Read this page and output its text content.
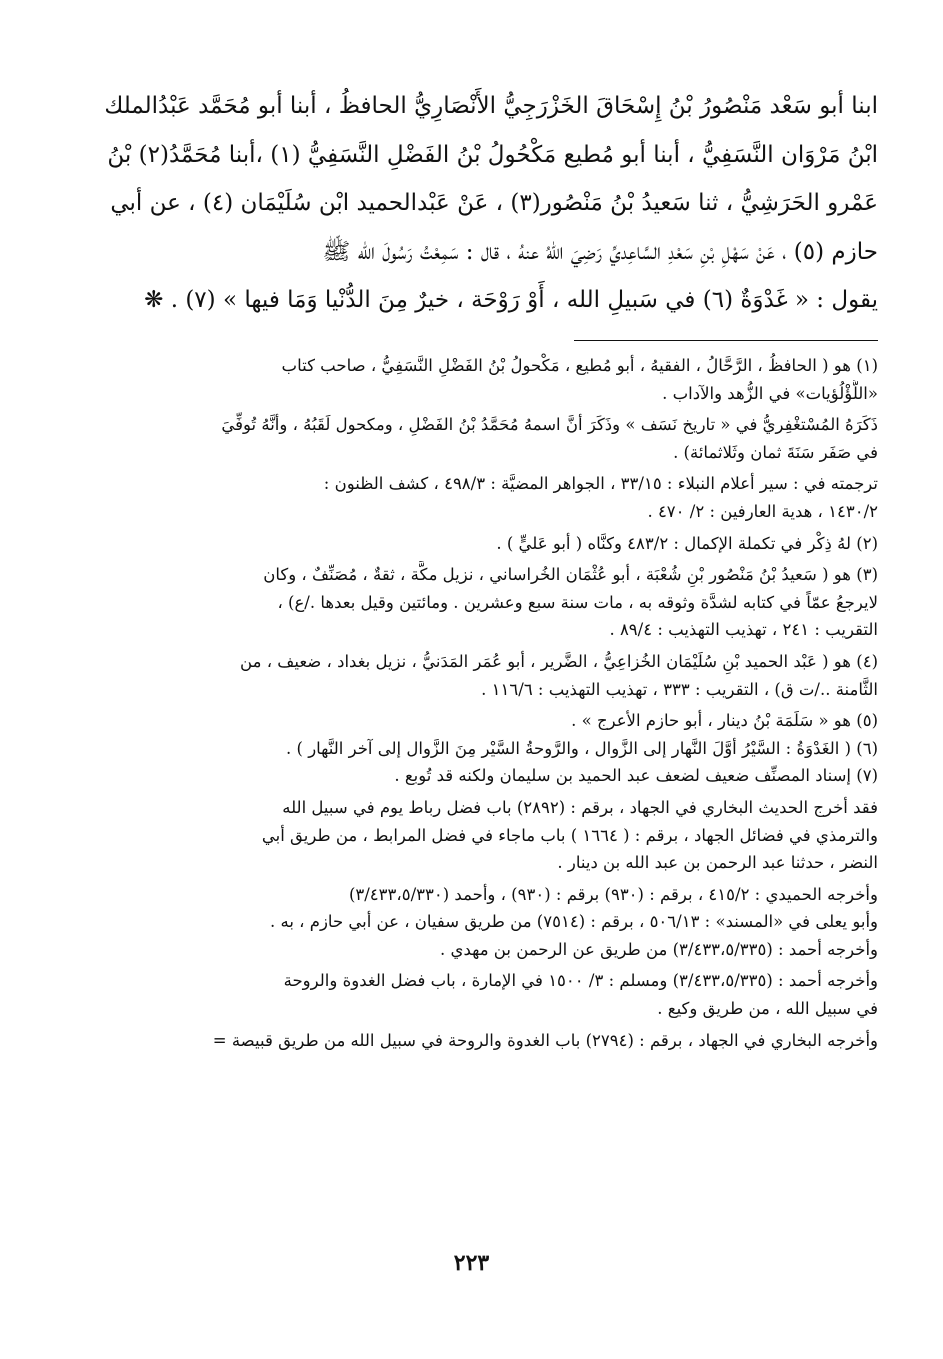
ابنا أبو سَعْد مَنْصُورُ بْنُ إِسْحَاقَ الخَزْرَجِيُّ الأَنْصَارِيُّ الحافظُ ، أبنا أبو مُحَمَّد عَبْدُالملك

ابْنُ مَرْوَان النَّسَفِيُّ ، أبنا أبو مُطيع مَكْحُولُ بْنُ الفَضْلِ النَّسَفِيُّ (١) ،أبنا مُحَمَّدُ(٢) بْنُ

عَمْرو الحَرَشِيُّ ، ثنا سَعيدُ بْنُ مَنْصُور(٣) ، عَنْ عَبْدالحميد ابْن سُلَيْمَان (٤) ، عن أبي

حازم (٥) ، عَنْ سَهْلِ بْنِ سَعْدِ السَّاعِديِّ رَضِيَ اللهُ عنهُ ، قال : سَمِعْتُ رَسُولَ الله ﷺ

يقول : « غَدْوَةٌ (٦) في سَبيلِ الله ، أَوْ رَوْحَة ، خيرٌ مِنَ الدُّنْيا وَمَا فيها » (٧) . ❋

(١) هو ( الحافظُ ، الرَّحَّالُ ، الفقيهُ ، أبو مُطيع ، مَكْحولُ بْنُ الفَضْلِ النَّسَفِيُّ ، صاحب كتاب

«اللُّؤْلُؤيات» في الزُّهد والآداب .

ذَكَرَهُ المُسْتغْفِريُّ في « تاريخ نَسَف » وذَكَرَ أنَّ اسمهُ مُحَمَّدُ بْنُ الفَضْلِ ، ومكحول لَقَبُهُ ، وأنَّهُ تُوفِّيَ

في صَفَر سَنَةَ ثمان وثَلاثمائة) .

ترجمته في : سير أعلام النبلاء : ٣٣/١٥ ، الجواهر المضيَّة : ٤٩٨/٣ ، كشف الظنون :

١٤٣٠/٢ ، هدية العارفين : ٢/ ٤٧٠ .

(٢) لهُ ذِكْر في تكملة الإكمال : ٤٨٣/٢ وكنَّاه ( أبو عَليٍّ ) .

(٣) هو ( سَعيدُ بْنُ مَنْصُور بْنِ شُعْبَة ، أبو عُثْمَان الخُراساني ، نزيل مكَّة ، ثقةٌ ، مُصَنِّفٌ ، وكان

لايرجعُ عمّاً في كتابه لشدَّة وثوقه به ، مات سنة سبع وعشرين . ومائتين وقيل بعدها ./ع) ،

التقريب : ٢٤١ ، تهذيب التهذيب : ٨٩/٤ .

(٤) هو ( عَبْد الحميد بْنِ سُلَيْمَان الخُزاعِيُّ ، الضَّرير ، أبو عُمَر المَدَنيُّ ، نزيل بغداد ، ضعيف ، من

الثَّامنة ../ت ق) ، التقريب : ٣٣٣ ، تهذيب التهذيب : ١١٦/٦ .

(٥) هو « سَلَمَة بْنُ دينار ، أبو حازم الأعرج » .

(٦) ( الغَدْوَةُ : السَّيْرُ أوَّلَ النَّهار إلى الزَّوال ، والرَّوحةُ السَّيْر مِنَ الزَّوال إلى آخر النَّهار ) .

(٧) إسناد المصنِّف ضعيف لضعف عبد الحميد بن سليمان ولكنه قد تُوبع .

فقد أخرج الحديث البخاري في الجهاد ، برقم : (٢٨٩٢) باب فضل رباط يوم في سبيل الله

والترمذي في فضائل الجهاد ، برقم : ( ١٦٦٤ ) باب ماجاء في فضل المرابط ، من طريق أبي

النضر ، حدثنا عبد الرحمن بن عبد الله بن دينار .

وأخرجه الحميدي : ٤١٥/٢ ، برقم : (٩٣٠) برقم : (٩٣٠) ، وأحمد (٣/٤٣٣،٥/٣٣٠)

وأبو يعلى في «المسند» : ٥٠٦/١٣ ، برقم : (٧٥١٤) من طريق سفيان ، عن أبي حازم ، به .

وأخرجه أحمد : (٣/٤٣٣،٥/٣٣٥) من طريق عن الرحمن بن مهدي .

وأخرجه أحمد : (٣/٤٣٣،٥/٣٣٥) ومسلم : ٣/ ١٥٠٠ في الإمارة ، باب فضل الغدوة والروحة

في سبيل الله ، من طريق وكيع .

وأخرجه البخاري في الجهاد ، برقم : (٢٧٩٤) باب الغدوة والروحة في سبيل الله من طريق قبيصة =

٢٢٣
